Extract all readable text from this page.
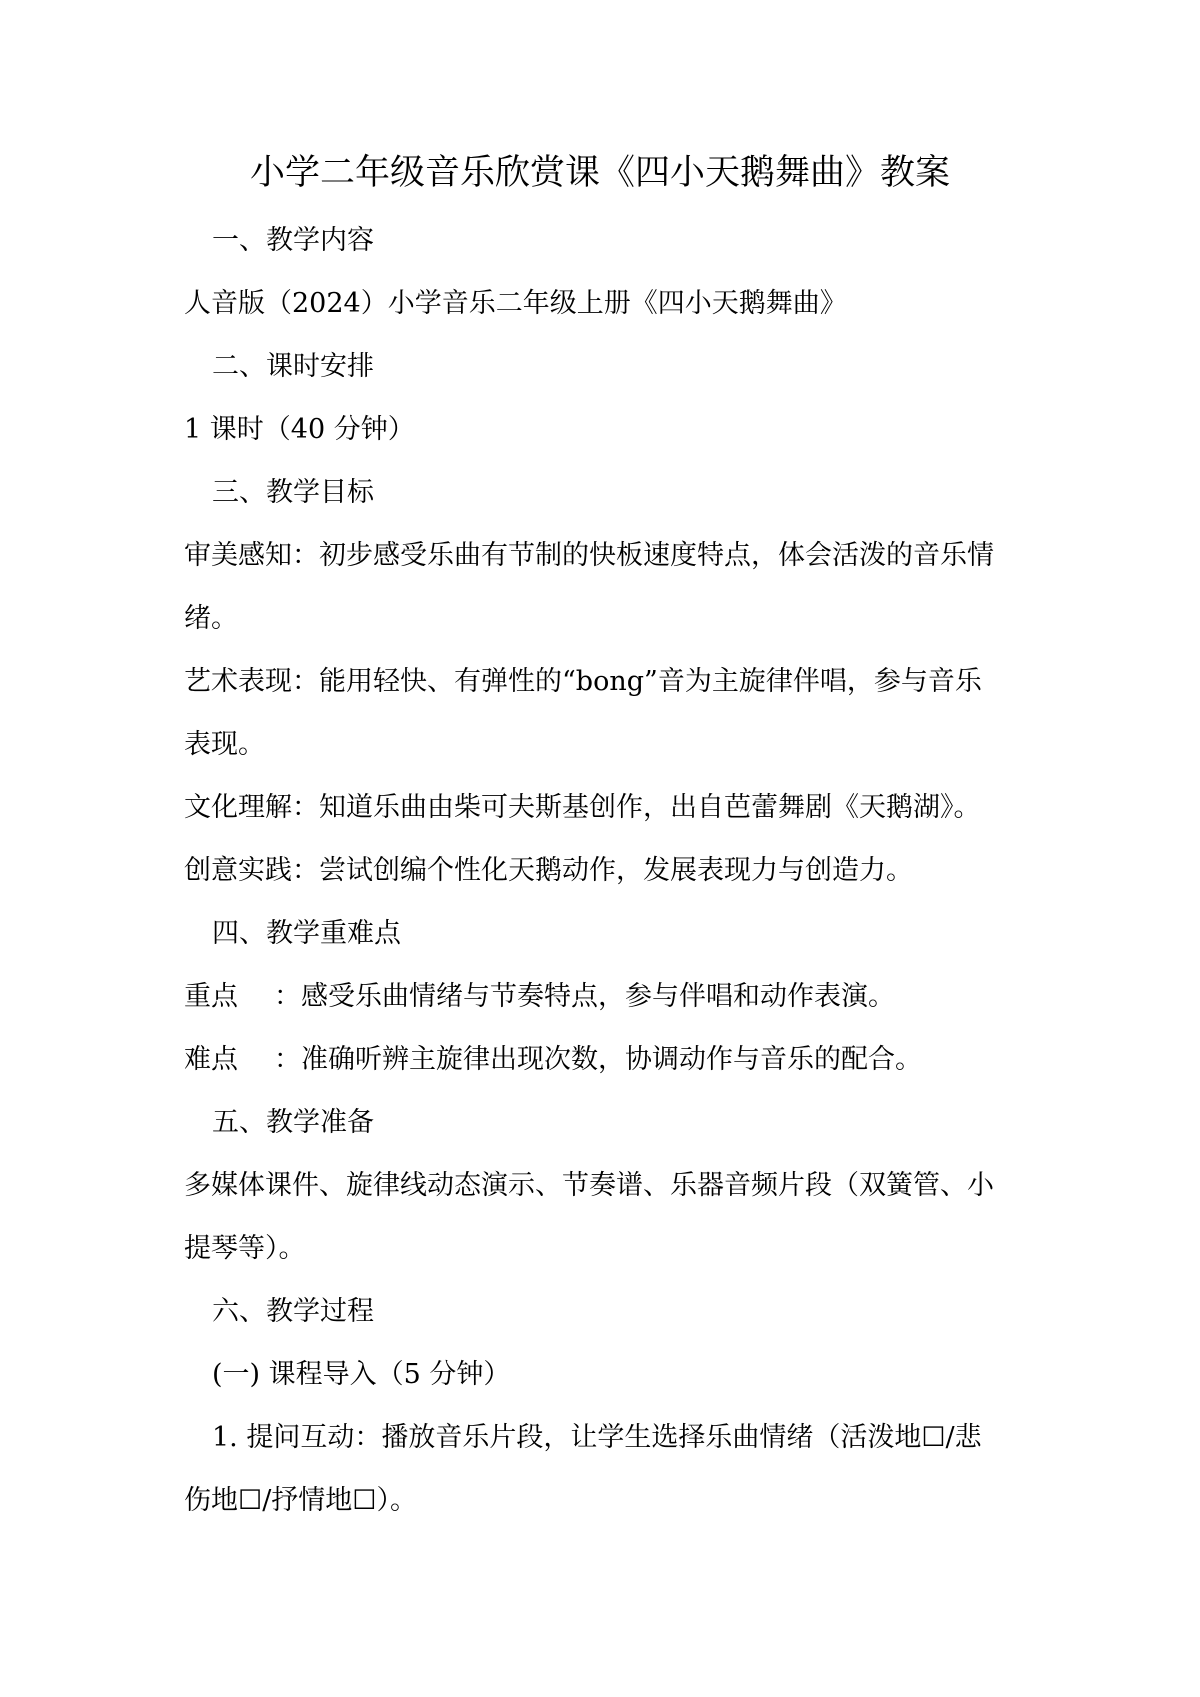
小学二年级音乐欣赏课《四小天鹅舞曲》教案
一、教学内容
人音版（2024）小学音乐二年级上册《四小天鹅舞曲》
二、课时安排
1 课时（40 分钟）
三、教学目标
审美感知：初步感受乐曲有节制的快板速度特点，体会活泼的音乐情
绪。
艺术表现：能用轻快、有弹性的“bong”音为主旋律伴唱，参与音乐
表现。
文化理解：知道乐曲由柴可夫斯基创作，出自芭蕾舞剧《天鹅湖》。
创意实践：尝试创编个性化天鹅动作，发展表现力与创造力。
四、教学重难点
重点 ：感受乐曲情绪与节奏特点，参与伴唱和动作表演。
难点 ：准确听辨主旋律出现次数，协调动作与音乐的配合。
五、教学准备
多媒体课件、旋律线动态演示、节奏谱、乐器音频片段（双簧管、小
提琴等）。
六、教学过程
(一) 课程导入（5 分钟）
1. 提问互动：播放音乐片段，让学生选择乐曲情绪（活泼地☐/悲
伤地☐/抒情地☐）。
